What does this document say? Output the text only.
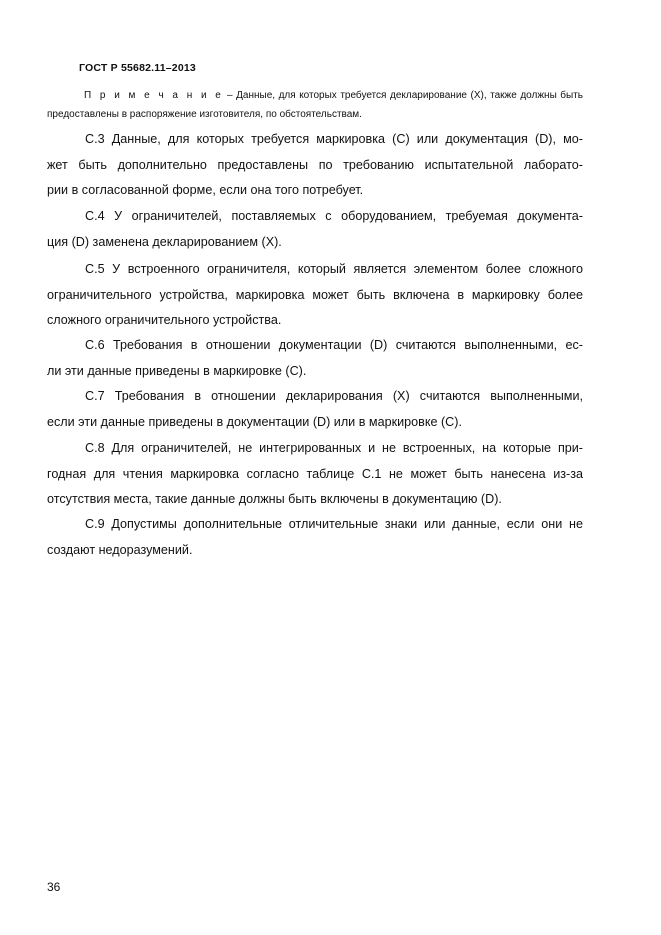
ГОСТ Р 55682.11–2013
П р и м е ч а н и е – Данные, для которых требуется декларирование (X), также должны быть
предоставлены в распоряжение изготовителя, по обстоятельствам.
С.3 Данные, для которых требуется маркировка (С) или документация (D), мо-
жет быть дополнительно предоставлены по требованию испытательной лаборато-
рии в согласованной форме, если она того потребует.
С.4 У ограничителей, поставляемых с оборудованием, требуемая документа-
ция (D) заменена декларированием (X).
С.5 У встроенного ограничителя, который является элементом более сложного
ограничительного устройства, маркировка может быть включена в маркировку более
сложного ограничительного устройства.
С.6 Требования в отношении документации (D) считаются выполненными, ес-
ли эти данные приведены в маркировке (С).
С.7 Требования в отношении декларирования (X) считаются выполненными,
если эти данные приведены в документации (D) или в маркировке (С).
С.8 Для ограничителей, не интегрированных и не встроенных, на которые при-
годная для чтения маркировка согласно таблице С.1 не может быть нанесена из-за
отсутствия места, такие данные должны быть включены в документацию (D).
С.9 Допустимы дополнительные отличительные знаки или данные, если они не
создают недоразумений.
36
